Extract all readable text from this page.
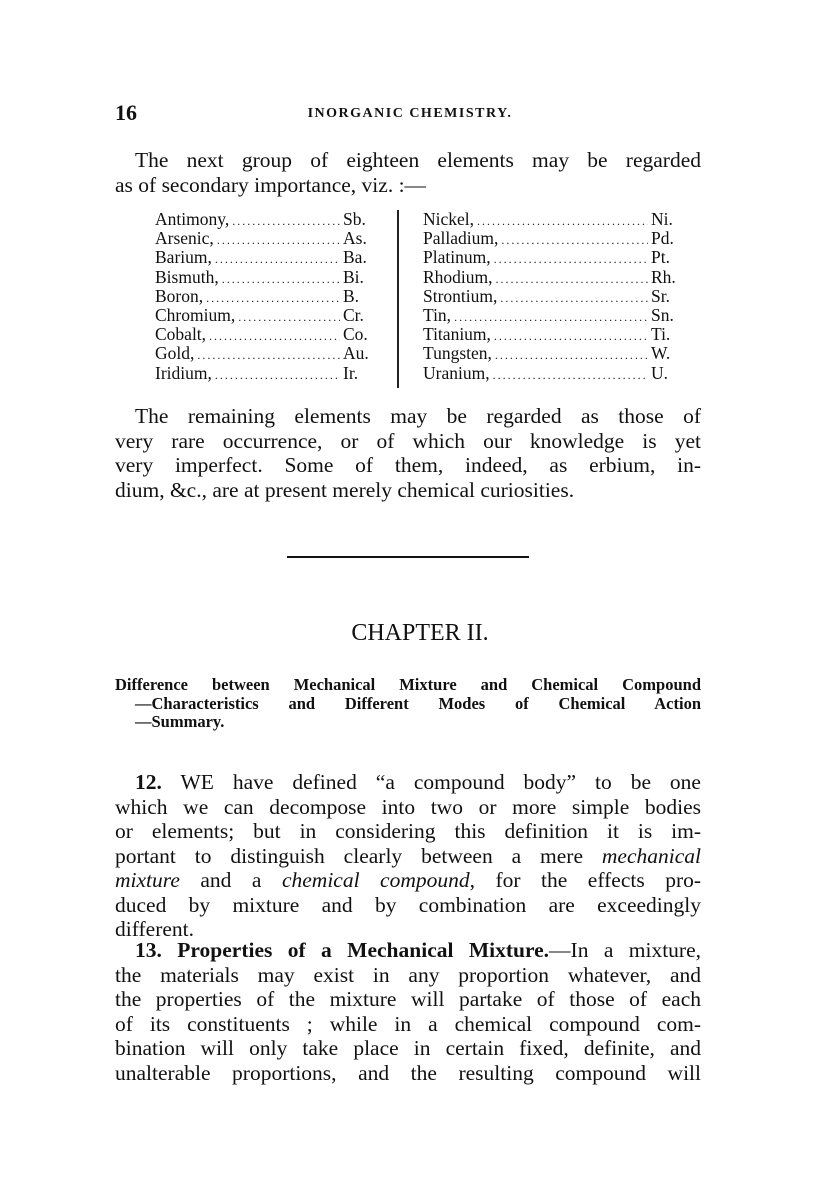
16	INORGANIC CHEMISTRY.
The next group of eighteen elements may be regarded
as of secondary importance, viz. :—
Antimony, .....	Sb.
Arsenic, .....	As.
Barium, .....	Ba.
Bismuth, .....	Bi.
Boron, .....	B.
Chromium, .....	Cr.
Cobalt, .....	Co.
Gold, .....	Au.
Iridium, .....	Ir.
Nickel, .....	Ni.
Palladium, .....	Pd.
Platinum, .....	Pt.
Rhodium, .....	Rh.
Strontium, .....	Sr.
Tin, .....	Sn.
Titanium, .....	Ti.
Tungsten, .....	W.
Uranium, .....	U.
The remaining elements may be regarded as those of
very rare occurrence, or of which our knowledge is yet
very imperfect. Some of them, indeed, as erbium, in-
dium, &c., are at present merely chemical curiosities.
CHAPTER II.
Difference between Mechanical Mixture and Chemical Compound
—Characteristics and Different Modes of Chemical Action
—Summary.
12. WE have defined “a compound body” to be one
which we can decompose into two or more simple bodies
or elements; but in considering this definition it is im-
portant to distinguish clearly between a mere mechanical
mixture and a chemical compound, for the effects pro-
duced by mixture and by combination are exceedingly
different.
13. Properties of a Mechanical Mixture.—In a mixture,
the materials may exist in any proportion whatever, and
the properties of the mixture will partake of those of each
of its constituents ; while in a chemical compound com-
bination will only take place in certain fixed, definite, and
unalterable proportions, and the resulting compound will
